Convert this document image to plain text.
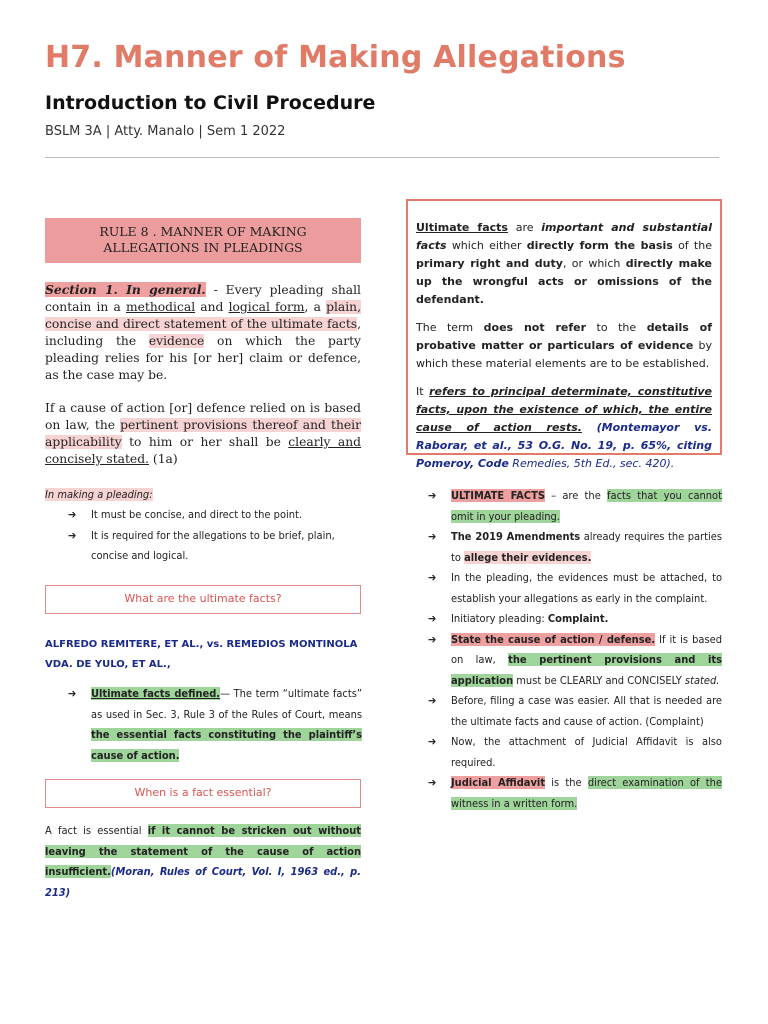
H7. Manner of Making Allegations
Introduction to Civil Procedure
BSLM 3A | Atty. Manalo | Sem 1 2022
RULE 8 . MANNER OF MAKING
ALLEGATIONS IN PLEADINGS
Section 1. In general. - Every pleading shall contain in a methodical and logical form, a plain, concise and direct statement of the ultimate facts, including the evidence on which the party pleading relies for his [or her] claim or defence, as the case may be.
If a cause of action [or] defence relied on is based on law, the pertinent provisions thereof and their applicability to him or her shall be clearly and concisely stated. (1a)
In making a pleading:
➔ It must be concise, and direct to the point.
➔ It is required for the allegations to be brief, plain, concise and logical.
What are the ultimate facts?
ALFREDO REMITERE, ET AL., vs. REMEDIOS MONTINOLA VDA. DE YULO, ET AL.,
➔ Ultimate facts defined.— The term “ultimate facts” as used in Sec. 3, Rule 3 of the Rules of Court, means the essential facts constituting the plaintiff’s cause of action.
When is a fact essential?
A fact is essential if it cannot be stricken out without leaving the statement of the cause of action insufficient.(Moran, Rules of Court, Vol. I, 1963 ed., p. 213)

Ultimate facts are important and substantial facts which either directly form the basis of the primary right and duty, or which directly make up the wrongful acts or omissions of the defendant.

The term does not refer to the details of probative matter or particulars of evidence by which these material elements are to be established.

It refers to principal determinate, constitutive facts, upon the existence of which, the entire cause of action rests. (Montemayor vs. Raborar, et al., 53 O.G. No. 19, p. 65%, citing Pomeroy, Code Remedies, 5th Ed., sec. 420).

➔ ULTIMATE FACTS – are the facts that you cannot omit in your pleading.
➔ The 2019 Amendments already requires the parties to allege their evidences.
➔ In the pleading, the evidences must be attached, to establish your allegations as early in the complaint.
➔ Initiatory pleading: Complaint.
➔ State the cause of action / defense. If it is based on law, the pertinent provisions and its application must be CLEARLY and CONCISELY stated.
➔ Before, filing a case was easier. All that is needed are the ultimate facts and cause of action. (Complaint)
➔ Now, the attachment of Judicial Affidavit is also required.
➔ Judicial Affidavit is the direct examination of the witness in a written form.
